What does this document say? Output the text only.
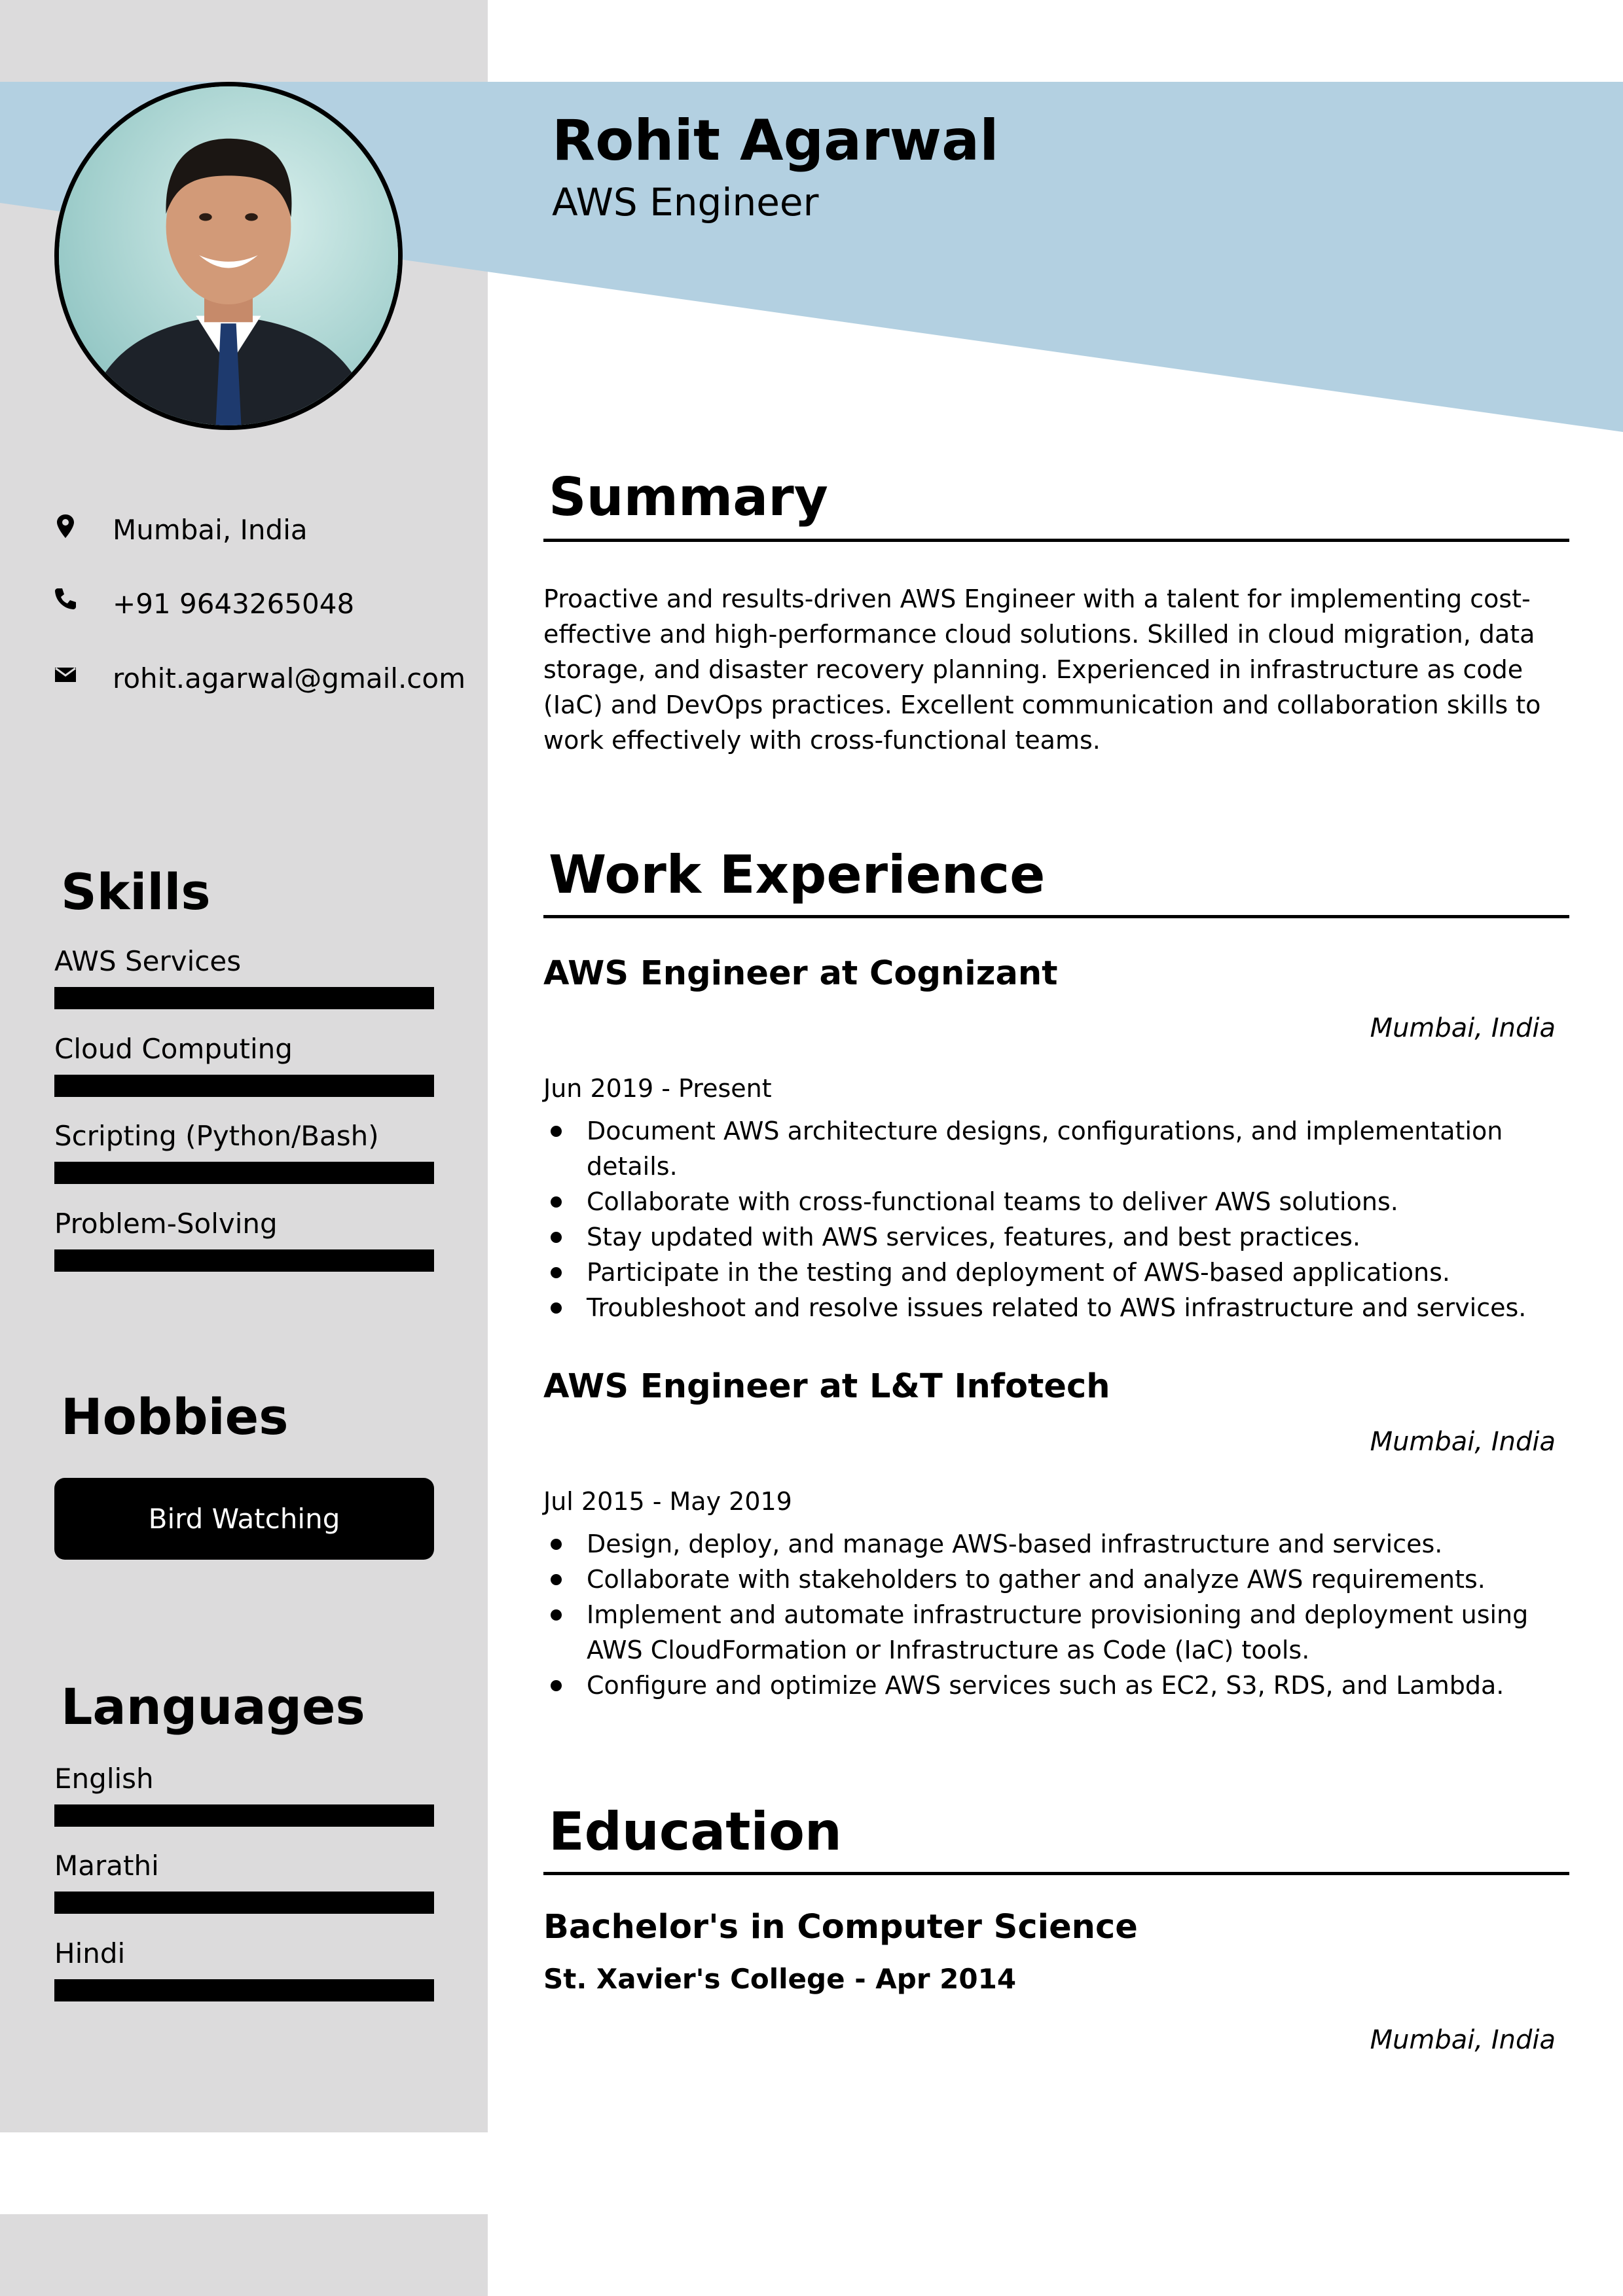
Rohit Agarwal
AWS Engineer
Mumbai, India
+91 9643265048
rohit.agarwal@gmail.com
Skills
AWS Services
Cloud Computing
Scripting (Python/Bash)
Problem-Solving
Hobbies
Bird Watching
Languages
English
Marathi
Hindi
Summary
Proactive and results-driven AWS Engineer with a talent for implementing cost-effective and high-performance cloud solutions. Skilled in cloud migration, data storage, and disaster recovery planning. Experienced in infrastructure as code (IaC) and DevOps practices. Excellent communication and collaboration skills to work effectively with cross-functional teams.
Work Experience
AWS Engineer at Cognizant
Mumbai, India
Jun 2019 - Present
Document AWS architecture designs, configurations, and implementation details.
Collaborate with cross-functional teams to deliver AWS solutions.
Stay updated with AWS services, features, and best practices.
Participate in the testing and deployment of AWS-based applications.
Troubleshoot and resolve issues related to AWS infrastructure and services.
AWS Engineer at L&T Infotech
Mumbai, India
Jul 2015 - May 2019
Design, deploy, and manage AWS-based infrastructure and services.
Collaborate with stakeholders to gather and analyze AWS requirements.
Implement and automate infrastructure provisioning and deployment using AWS CloudFormation or Infrastructure as Code (IaC) tools.
Configure and optimize AWS services such as EC2, S3, RDS, and Lambda.
Education
Bachelor's in Computer Science
St. Xavier's College - Apr 2014
Mumbai, India
